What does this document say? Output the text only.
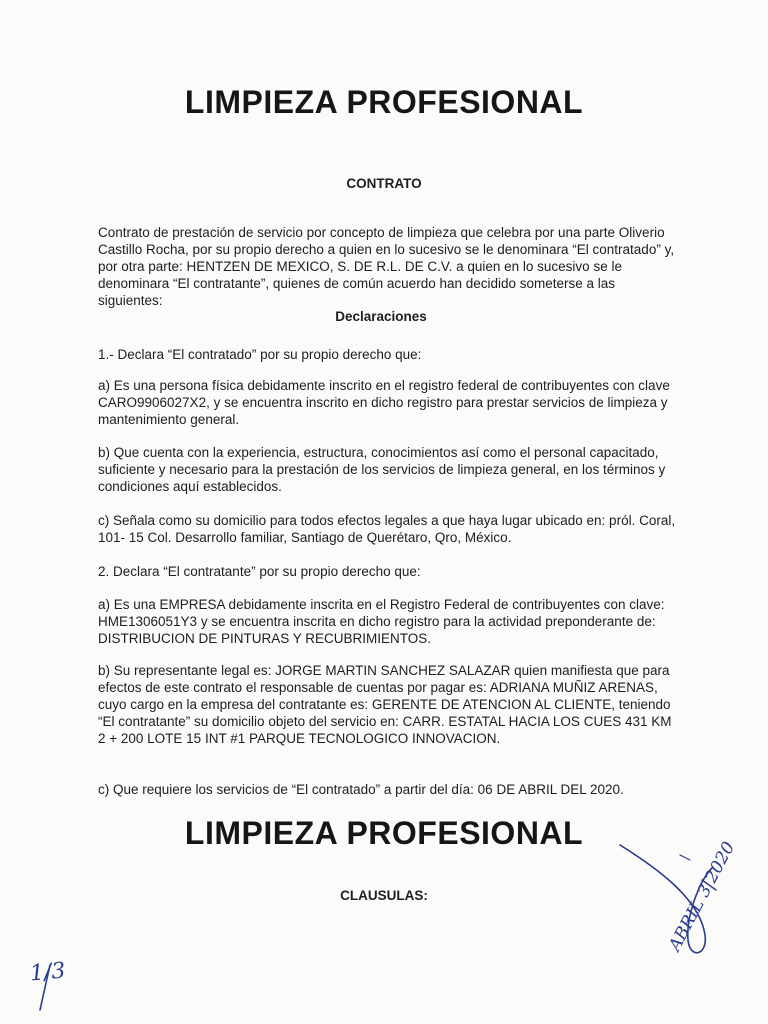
LIMPIEZA PROFESIONAL
CONTRATO

Contrato de prestación de servicio por concepto de limpieza que celebra por una parte Oliverio Castillo Rocha, por su propio derecho a quien en lo sucesivo se le denominara “El contratado” y, por otra parte: HENTZEN DE MEXICO, S. DE R.L. DE C.V. a quien en lo sucesivo se le denominara “El contratante”, quienes de común acuerdo han decidido someterse a las siguientes:

Declaraciones

1.- Declara “El contratado” por su propio derecho que:

a) Es una persona física debidamente inscrito en el registro federal de contribuyentes con clave CARO9906027X2, y se encuentra inscrito en dicho registro para prestar servicios de limpieza y mantenimiento general.

b) Que cuenta con la experiencia, estructura, conocimientos así como el personal capacitado, suficiente y necesario para la prestación de los servicios de limpieza general, en los términos y condiciones aquí establecidos.

c) Señala como su domicilio para todos efectos legales a que haya lugar ubicado en: pról. Coral, 101- 15 Col. Desarrollo familiar, Santiago de Querétaro, Qro, México.

2. Declara “El contratante” por su propio derecho que:

a) Es una EMPRESA debidamente inscrita en el Registro Federal de contribuyentes con clave: HME1306051Y3 y se encuentra inscrita en dicho registro para la actividad preponderante de: DISTRIBUCION DE PINTURAS Y RECUBRIMIENTOS.

b) Su representante legal es: JORGE MARTIN SANCHEZ SALAZAR quien manifiesta que para efectos de este contrato el responsable de cuentas por pagar es: ADRIANA MUÑIZ ARENAS, cuyo cargo en la empresa del contratante es: GERENTE DE ATENCION AL CLIENTE, teniendo “El contratante” su domicilio objeto del servicio en: CARR. ESTATAL HACIA LOS CUES 431 KM 2 + 200 LOTE 15 INT #1 PARQUE TECNOLOGICO INNOVACION.

c) Que requiere los servicios de “El contratado” a partir del día: 06 DE ABRIL DEL 2020.

LIMPIEZA PROFESIONAL
CLAUSULAS:
1/3
ABRIL 3 2020
